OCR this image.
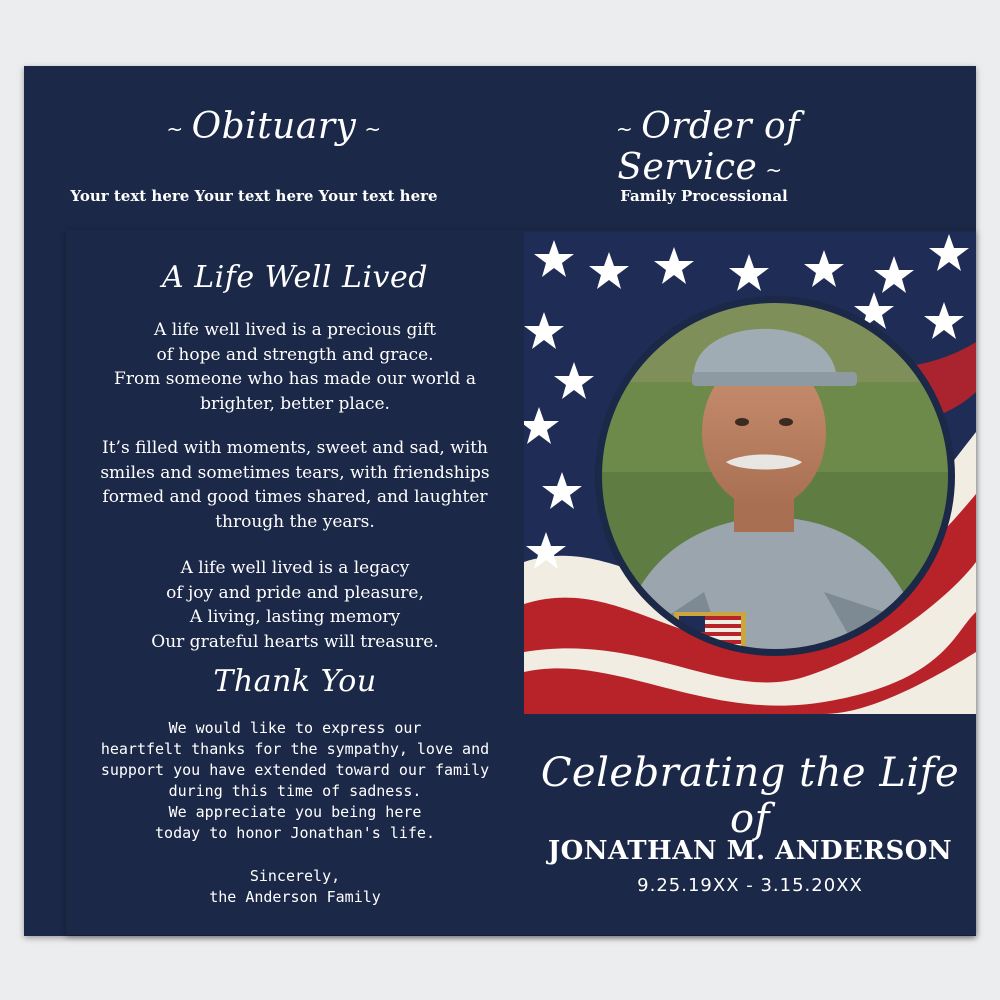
~ Obituary ~
Your text here Your text here Your text here
~ Order of Service ~
Family Processional
A Life Well Lived
A life well lived is a precious gift
of hope and strength and grace.
From someone who has made our world a
brighter, better place.
It’s filled with moments, sweet and sad, with
smiles and sometimes tears, with friendships
formed and good times shared, and laughter
through the years.
A life well lived is a legacy
of joy and pride and pleasure,
A living, lasting memory
Our grateful hearts will treasure.
Thank You
We would like to express our
heartfelt thanks for the sympathy, love and
support you have extended toward our family
during this time of sadness.
We appreciate you being here
today to honor Jonathan's life.
Sincerely,
the Anderson Family
Celebrating the Life of
JONATHAN M. ANDERSON
9.25.19XX - 3.15.20XX
